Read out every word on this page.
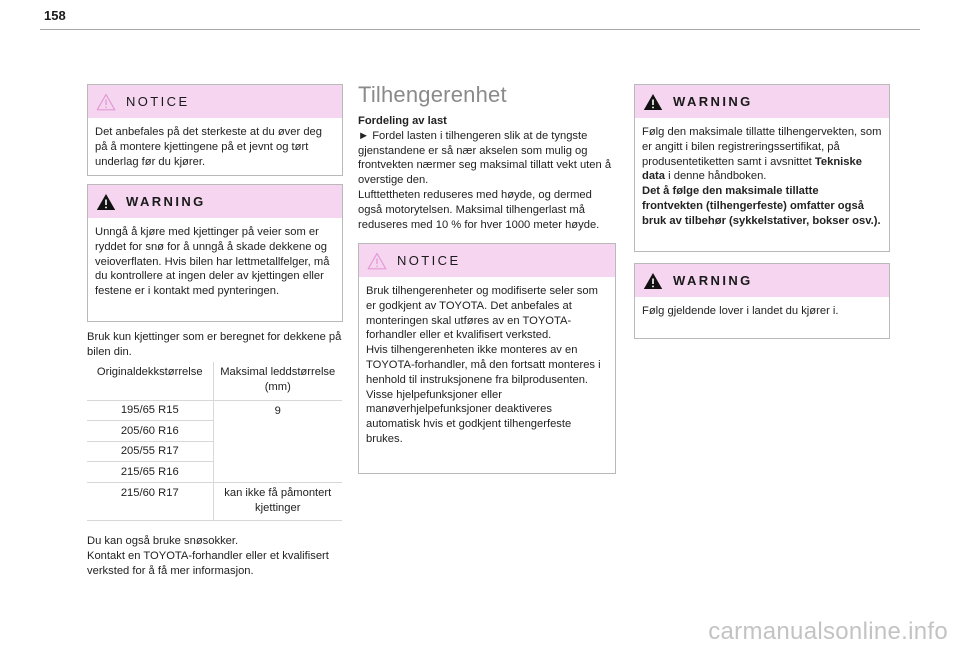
158
NOTICE

Det anbefales på det sterkeste at du øver deg på å montere kjettingene på et jevnt og tørt underlag før du kjører.

WARNING

Unngå å kjøre med kjettinger på veier som er ryddet for snø for å unngå å skade dekkene og veioverflaten. Hvis bilen har lettmetallfelger, må du kontrollere at ingen deler av kjettingen eller festene er i kontakt med pynteringen.

Bruk kun kjettinger som er beregnet for dekkene på bilen din.
Originaldekkstørrelse	Maksimal leddstørrelse (mm)
195/65 R15	9
205/60 R16	
205/55 R17	
215/65 R16	
215/60 R17	kan ikke få påmontert kjettinger

Du kan også bruke snøsokker.

Kontakt en TOYOTA-forhandler eller et kvalifisert verksted for å få mer informasjon.

Tilhengerenhet

Fordeling av last

► Fordel lasten i tilhengeren slik at de tyngste gjenstandene er så nær akselen som mulig og frontvekten nærmer seg maksimal tillatt vekt uten å overstige den.

Lufttettheten reduseres med høyde, og dermed også motorytelsen. Maksimal tilhengerlast må reduseres med 10 % for hver 1000 meter høyde.

NOTICE

Bruk tilhengerenheter og modifiserte seler som er godkjent av TOYOTA. Det anbefales at monteringen skal utføres av en TOYOTA-forhandler eller et kvalifisert verksted.

Hvis tilhengerenheten ikke monteres av en TOYOTA-forhandler, må den fortsatt monteres i henhold til instruksjonene fra bilprodusenten.

Visse hjelpefunksjoner eller manøverhjelpefunksjoner deaktiveres automatisk hvis et godkjent tilhengerfeste brukes.

WARNING

Følg den maksimale tillatte tilhengervekten, som er angitt i bilen registreringssertifikat, på produsentetiketten samt i avsnittet Tekniske data i denne håndboken.

Det å følge den maksimale tillatte frontvekten (tilhengerfeste) omfatter også bruk av tilbehør (sykkelstativer, bokser osv.).

WARNING

Følg gjeldende lover i landet du kjører i.

carmanualsonline.info
